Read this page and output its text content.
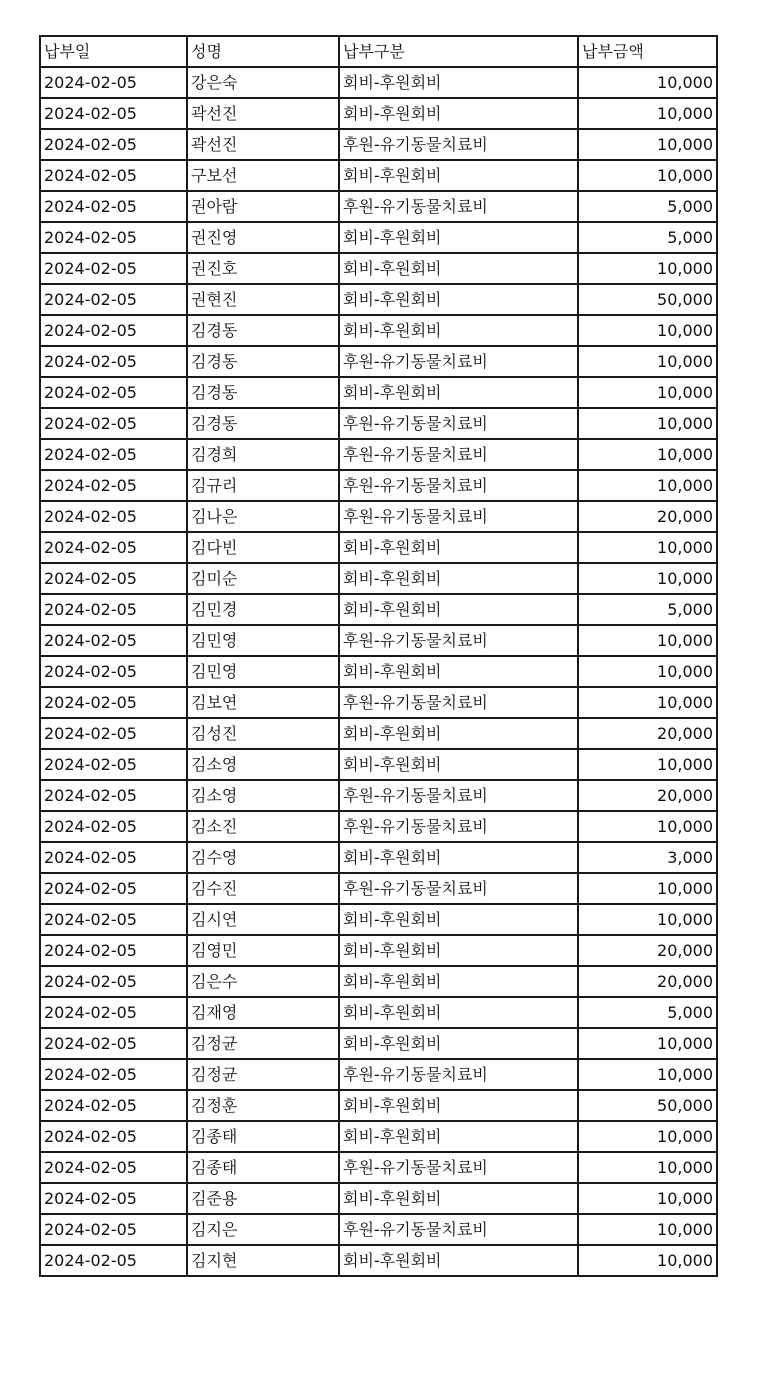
납부일	성명	납부구분	납부금액
2024-02-05	강은숙	회비-후원회비	10,000
2024-02-05	곽선진	회비-후원회비	10,000
2024-02-05	곽선진	후원-유기동물치료비	10,000
2024-02-05	구보선	회비-후원회비	10,000
2024-02-05	권아람	후원-유기동물치료비	5,000
2024-02-05	권진영	회비-후원회비	5,000
2024-02-05	권진호	회비-후원회비	10,000
2024-02-05	권현진	회비-후원회비	50,000
2024-02-05	김경동	회비-후원회비	10,000
2024-02-05	김경동	후원-유기동물치료비	10,000
2024-02-05	김경동	회비-후원회비	10,000
2024-02-05	김경동	후원-유기동물치료비	10,000
2024-02-05	김경희	후원-유기동물치료비	10,000
2024-02-05	김규리	후원-유기동물치료비	10,000
2024-02-05	김나은	후원-유기동물치료비	20,000
2024-02-05	김다빈	회비-후원회비	10,000
2024-02-05	김미순	회비-후원회비	10,000
2024-02-05	김민경	회비-후원회비	5,000
2024-02-05	김민영	후원-유기동물치료비	10,000
2024-02-05	김민영	회비-후원회비	10,000
2024-02-05	김보연	후원-유기동물치료비	10,000
2024-02-05	김성진	회비-후원회비	20,000
2024-02-05	김소영	회비-후원회비	10,000
2024-02-05	김소영	후원-유기동물치료비	20,000
2024-02-05	김소진	후원-유기동물치료비	10,000
2024-02-05	김수영	회비-후원회비	3,000
2024-02-05	김수진	후원-유기동물치료비	10,000
2024-02-05	김시연	회비-후원회비	10,000
2024-02-05	김영민	회비-후원회비	20,000
2024-02-05	김은수	회비-후원회비	20,000
2024-02-05	김재영	회비-후원회비	5,000
2024-02-05	김정균	회비-후원회비	10,000
2024-02-05	김정균	후원-유기동물치료비	10,000
2024-02-05	김정훈	회비-후원회비	50,000
2024-02-05	김종태	회비-후원회비	10,000
2024-02-05	김종태	후원-유기동물치료비	10,000
2024-02-05	김준용	회비-후원회비	10,000
2024-02-05	김지은	후원-유기동물치료비	10,000
2024-02-05	김지현	회비-후원회비	10,000
